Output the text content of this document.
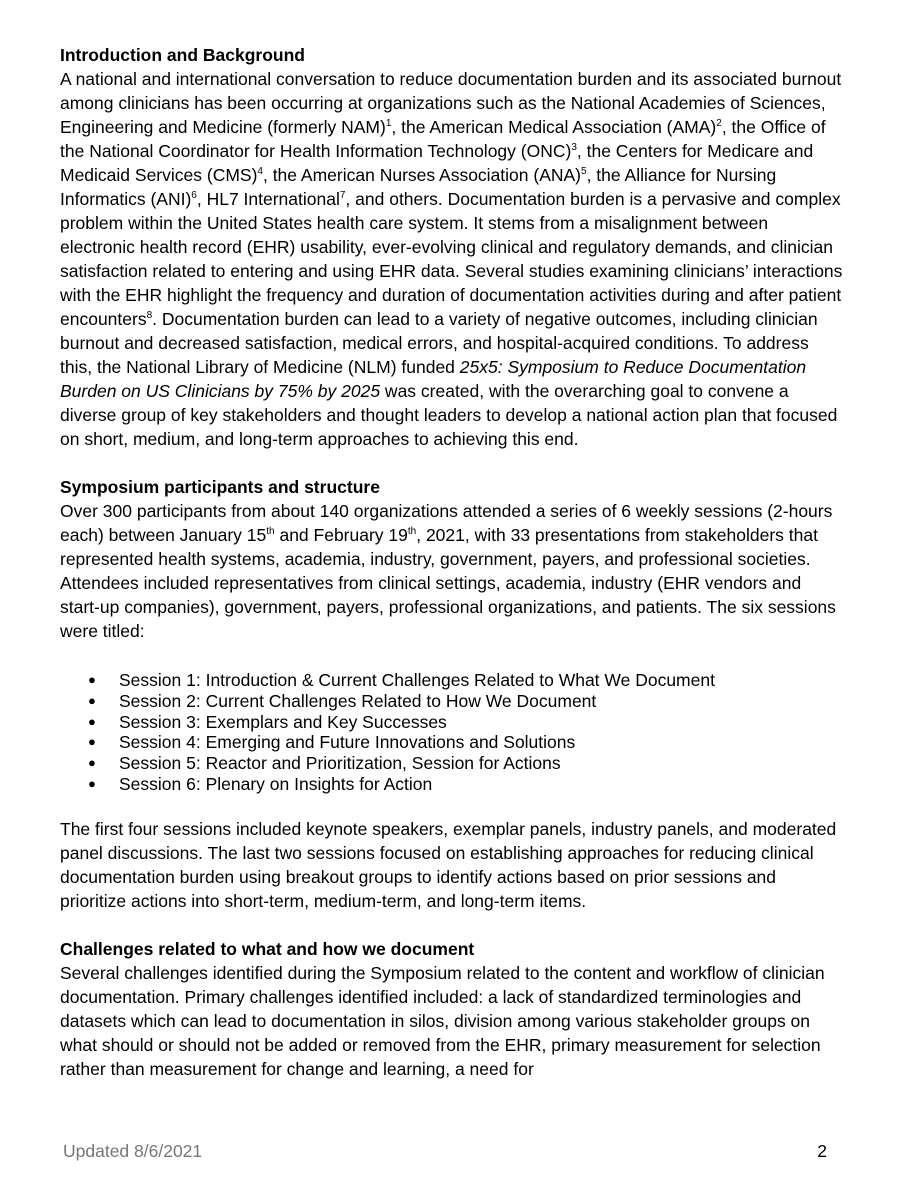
Introduction and Background

A national and international conversation to reduce documentation burden and its associated burnout among clinicians has been occurring at organizations such as the National Academies of Sciences, Engineering and Medicine (formerly NAM)$^1$, the American Medical Association (AMA)$^2$, the Office of the National Coordinator for Health Information Technology (ONC)$^3$, the Centers for Medicare and Medicaid Services (CMS)$^4$, the American Nurses Association (ANA)$^5$, the Alliance for Nursing Informatics (ANI)$^6$, HL7 International$^7$, and others. Documentation burden is a pervasive and complex problem within the United States health care system. It stems from a misalignment between electronic health record (EHR) usability, ever-evolving clinical and regulatory demands, and clinician satisfaction related to entering and using EHR data. Several studies examining clinicians’ interactions with the EHR highlight the frequency and duration of documentation activities during and after patient encounters$^8$. Documentation burden can lead to a variety of negative outcomes, including clinician burnout and decreased satisfaction, medical errors, and hospital-acquired conditions. To address this, the National Library of Medicine (NLM) funded 25x5: Symposium to Reduce Documentation Burden on US Clinicians by 75% by 2025 was created, with the overarching goal to convene a diverse group of key stakeholders and thought leaders to develop a national action plan that focused on short, medium, and long-term approaches to achieving this end.

Symposium participants and structure

Over 300 participants from about 140 organizations attended a series of 6 weekly sessions (2-hours each) between January 15th and February 19th, 2021, with 33 presentations from stakeholders that represented health systems, academia, industry, government, payers, and professional societies. Attendees included representatives from clinical settings, academia, industry (EHR vendors and start-up companies), government, payers, professional organizations, and patients. The six sessions were titled:

● Session 1: Introduction & Current Challenges Related to What We Document
● Session 2: Current Challenges Related to How We Document
● Session 3: Exemplars and Key Successes
● Session 4: Emerging and Future Innovations and Solutions
● Session 5: Reactor and Prioritization, Session for Actions
● Session 6: Plenary on Insights for Action

The first four sessions included keynote speakers, exemplar panels, industry panels, and moderated panel discussions. The last two sessions focused on establishing approaches for reducing clinical documentation burden using breakout groups to identify actions based on prior sessions and prioritize actions into short-term, medium-term, and long-term items.

Challenges related to what and how we document

Several challenges identified during the Symposium related to the content and workflow of clinician documentation. Primary challenges identified included: a lack of standardized terminologies and datasets which can lead to documentation in silos, division among various stakeholder groups on what should or should not be added or removed from the EHR, primary measurement for selection rather than measurement for change and learning, a need for

Updated 8/6/2021	2
